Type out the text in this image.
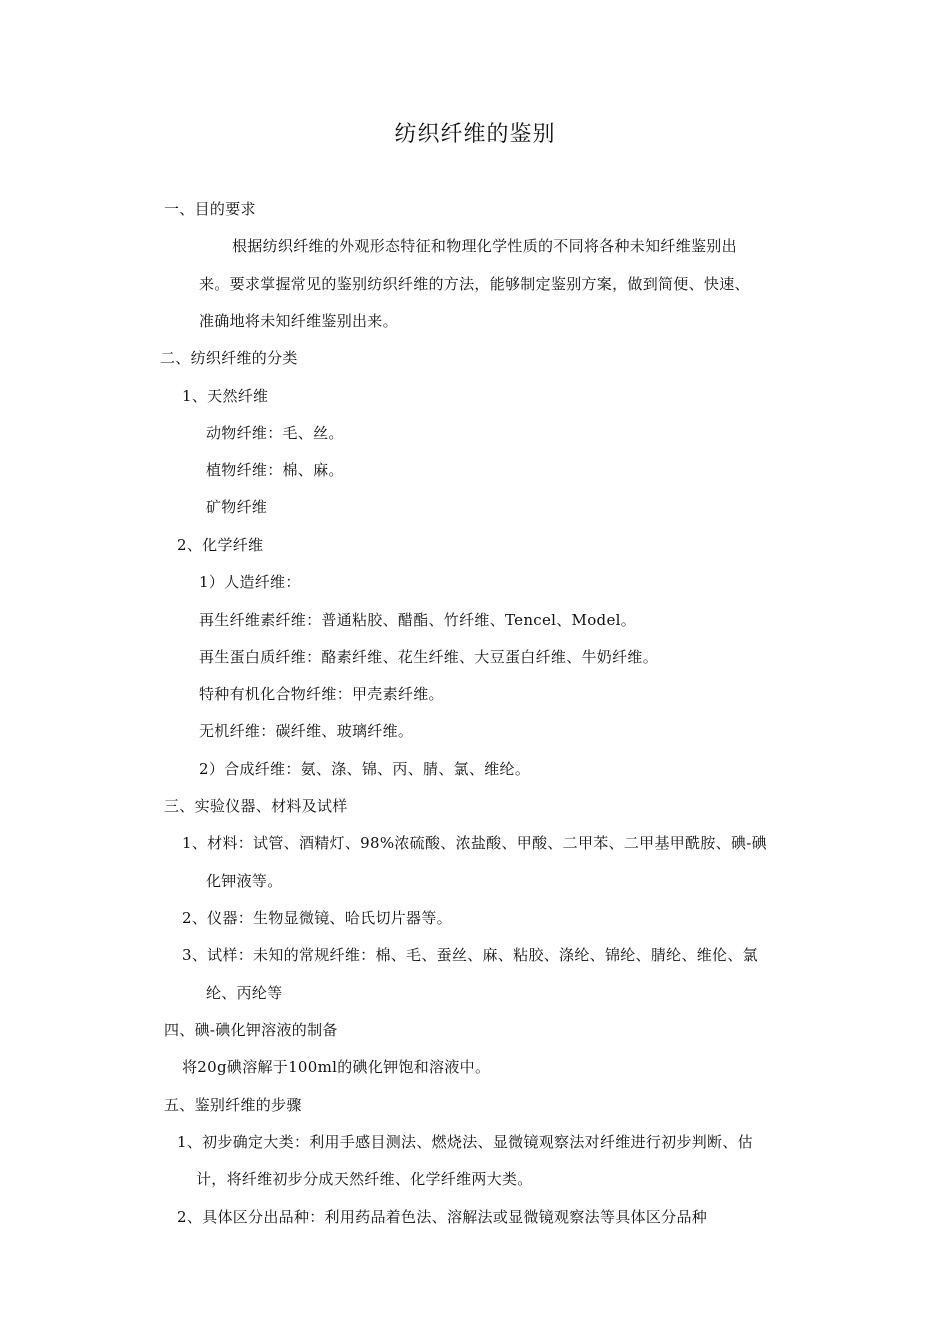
纺织纤维的鉴别
一、目的要求
根据纺织纤维的外观形态特征和物理化学性质的不同将各种未知纤维鉴别出
来。要求掌握常见的鉴别纺织纤维的方法，能够制定鉴别方案，做到简便、快速、
准确地将未知纤维鉴别出来。
二、纺织纤维的分类
1、天然纤维
动物纤维：毛、丝。
植物纤维：棉、麻。
矿物纤维
2、化学纤维
1）人造纤维：
再生纤维素纤维：普通粘胶、醋酯、竹纤维、Tencel、Model。
再生蛋白质纤维：酪素纤维、花生纤维、大豆蛋白纤维、牛奶纤维。
特种有机化合物纤维：甲壳素纤维。
无机纤维：碳纤维、玻璃纤维。
2）合成纤维：氨、涤、锦、丙、腈、氯、维纶。
三、实验仪器、材料及试样
1、材料：试管、酒精灯、98%浓硫酸、浓盐酸、甲酸、二甲苯、二甲基甲酰胺、碘-碘
化钾液等。
2、仪器：生物显微镜、哈氏切片器等。
3、试样：未知的常规纤维：棉、毛、蚕丝、麻、粘胶、涤纶、锦纶、腈纶、维伦、氯
纶、丙纶等
四、碘-碘化钾溶液的制备
将20g碘溶解于100ml的碘化钾饱和溶液中。
五、鉴别纤维的步骤
1、初步确定大类：利用手感目测法、燃烧法、显微镜观察法对纤维进行初步判断、估
计，将纤维初步分成天然纤维、化学纤维两大类。
2、具体区分出品种：利用药品着色法、溶解法或显微镜观察法等具体区分品种
